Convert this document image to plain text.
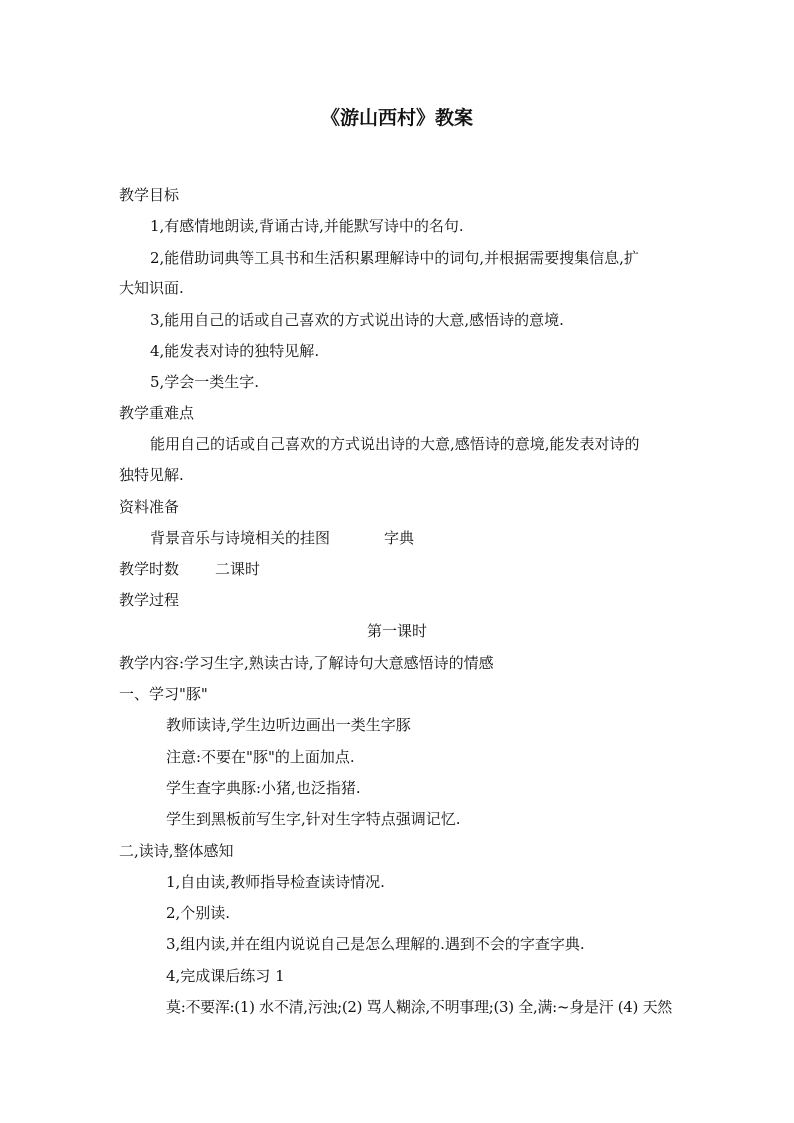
《游山西村》教案
教学目标
1,有感情地朗读,背诵古诗,并能默写诗中的名句.
2,能借助词典等工具书和生活积累理解诗中的词句,并根据需要搜集信息,扩
大知识面.
3,能用自己的话或自己喜欢的方式说出诗的大意,感悟诗的意境.
4,能发表对诗的独特见解.
5,学会一类生字.
教学重难点
能用自己的话或自己喜欢的方式说出诗的大意,感悟诗的意境,能发表对诗的
独特见解.
资料准备
背景音乐与诗境相关的挂图	字典
教学时数 二课时
教学过程
第一课时
教学内容:学习生字,熟读古诗,了解诗句大意感悟诗的情感
一、学习"豚"
教师读诗,学生边听边画出一类生字豚
注意:不要在"豚"的上面加点.
学生查字典豚:小猪,也泛指猪.
学生到黑板前写生字,针对生字特点强调记忆.
二,读诗,整体感知
1,自由读,教师指导检查读诗情况.
2,个别读.
3,组内读,并在组内说说自己是怎么理解的.遇到不会的字查字典.
4,完成课后练习 1
莫:不要浑:(1) 水不清,污浊;(2) 骂人糊涂,不明事理;(3) 全,满:~身是汗 (4) 天然
